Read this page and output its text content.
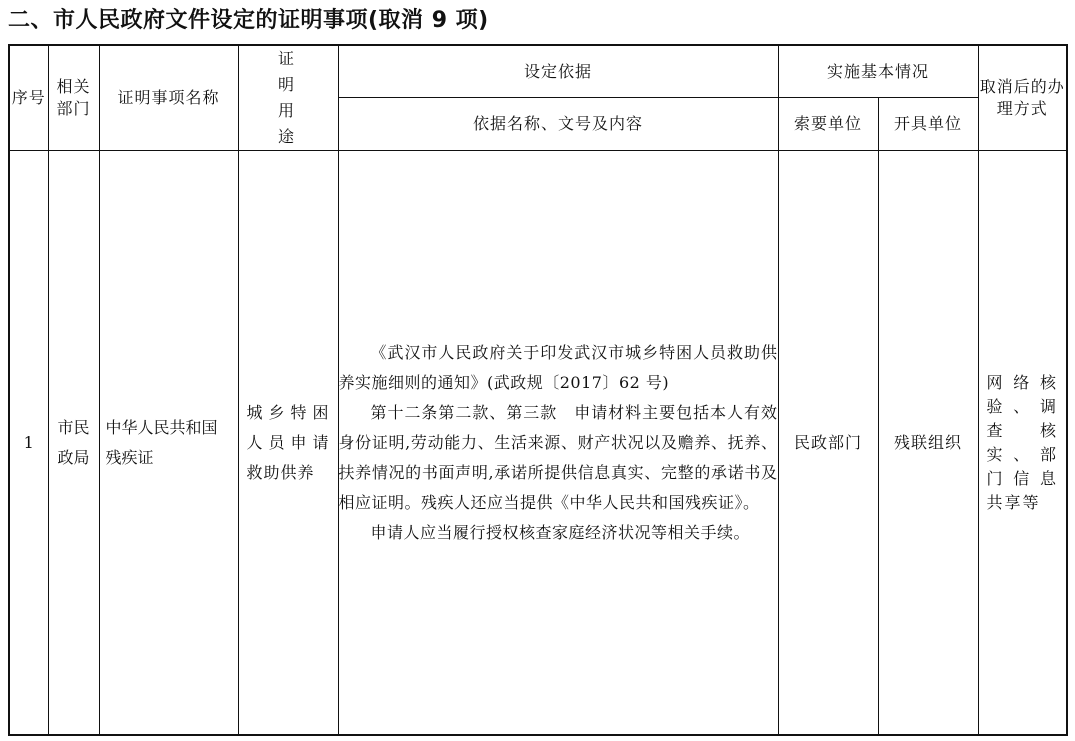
二、市人民政府文件设定的证明事项(取消 9 项)
序号	相关部门	证明事项名称	证明用途	设定依据	实施基本情况		取消后的办理方式
				依据名称、文号及内容	索要单位	开具单位	
1	市民政局	中华人民共和国残疾证	城乡特困人员申请救助供养	《武汉市人民政府关于印发武汉市城乡特困人员救助供养实施细则的通知》(武政规〔2017〕62 号)

第十二条第二款、第三款　申请材料主要包括本人有效身份证明,劳动能力、生活来源、财产状况以及赡养、抚养、扶养情况的书面声明,承诺所提供信息真实、完整的承诺书及相应证明。残疾人还应当提供《中华人民共和国残疾证》。

申请人应当履行授权核查家庭经济状况等相关手续。	民政部门	残联组织	网络核验、调查核实、部门信息共享等
